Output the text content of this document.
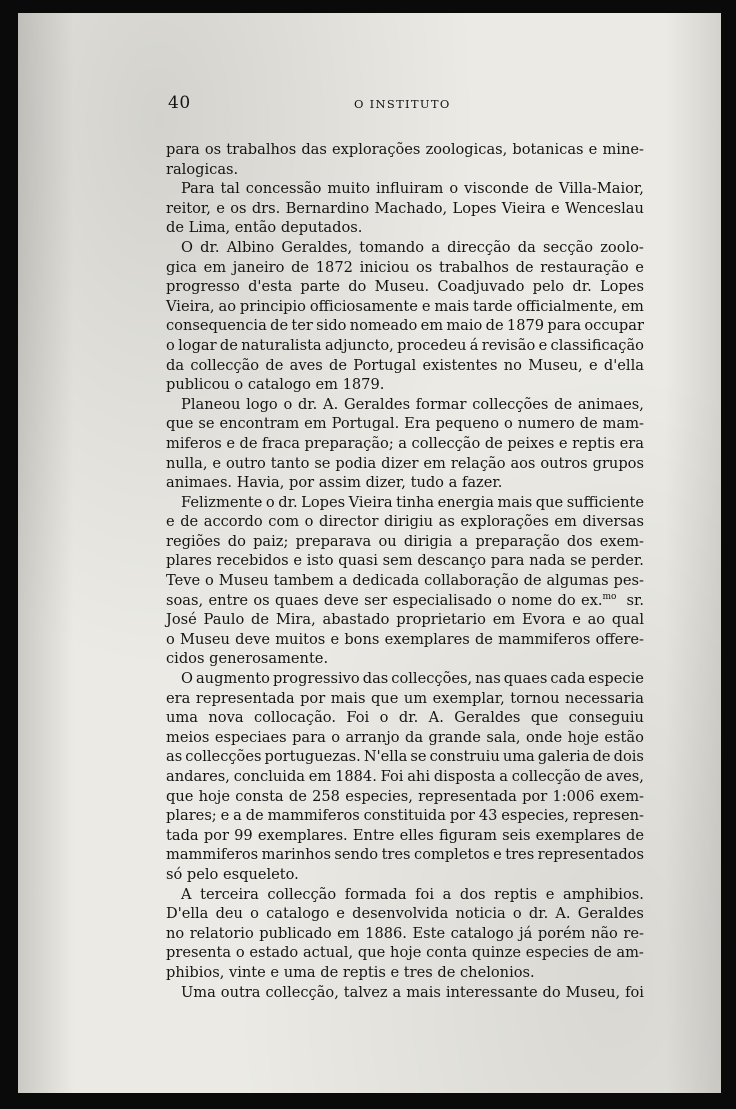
40	O INSTITUTO
para os trabalhos das explorações zoologicas, botanicas e mine-
ralogicas.
Para tal concessão muito influiram o visconde de Villa-Maior,
reitor, e os drs. Bernardino Machado, Lopes Vieira e Wenceslau
de Lima, então deputados.
O dr. Albino Geraldes, tomando a direcção da secção zoolo-
gica em janeiro de 1872 iniciou os trabalhos de restauração e
progresso d'esta parte do Museu. Coadjuvado pelo dr. Lopes
Vieira, ao principio officiosamente e mais tarde officialmente, em
consequencia de ter sido nomeado em maio de 1879 para occupar
o logar de naturalista adjuncto, procedeu á revisão e classificação
da collecção de aves de Portugal existentes no Museu, e d'ella
publicou o catalogo em 1879.
Planeou logo o dr. A. Geraldes formar collecções de animaes,
que se encontram em Portugal. Era pequeno o numero de mam-
miferos e de fraca preparação; a collecção de peixes e reptis era
nulla, e outro tanto se podia dizer em relação aos outros grupos
animaes. Havia, por assim dizer, tudo a fazer.
Felizmente o dr. Lopes Vieira tinha energia mais que sufficiente
e de accordo com o director dirigiu as explorações em diversas
regiões do paiz; preparava ou dirigia a preparação dos exem-
plares recebidos e isto quasi sem descanço para nada se perder.
Teve o Museu tambem a dedicada collaboração de algumas pes-
soas, entre os quaes deve ser especialisado o nome do ex.$^{mo}$ sr.
José Paulo de Mira, abastado proprietario em Evora e ao qual
o Museu deve muitos e bons exemplares de mammiferos offere-
cidos generosamente.
O augmento progressivo das collecções, nas quaes cada especie
era representada por mais que um exemplar, tornou necessaria
uma nova collocação. Foi o dr. A. Geraldes que conseguiu
meios especiaes para o arranjo da grande sala, onde hoje estão
as collecções portuguezas. N'ella se construiu uma galeria de dois
andares, concluida em 1884. Foi ahi disposta a collecção de aves,
que hoje consta de 258 especies, representada por 1:006 exem-
plares; e a de mammiferos constituida por 43 especies, represen-
tada por 99 exemplares. Entre elles figuram seis exemplares de
mammiferos marinhos sendo tres completos e tres representados
só pelo esqueleto.
A terceira collecção formada foi a dos reptis e amphibios.
D'ella deu o catalogo e desenvolvida noticia o dr. A. Geraldes
no relatorio publicado em 1886. Este catalogo já porém não re-
presenta o estado actual, que hoje conta quinze especies de am-
phibios, vinte e uma de reptis e tres de chelonios.
Uma outra collecção, talvez a mais interessante do Museu, foi
